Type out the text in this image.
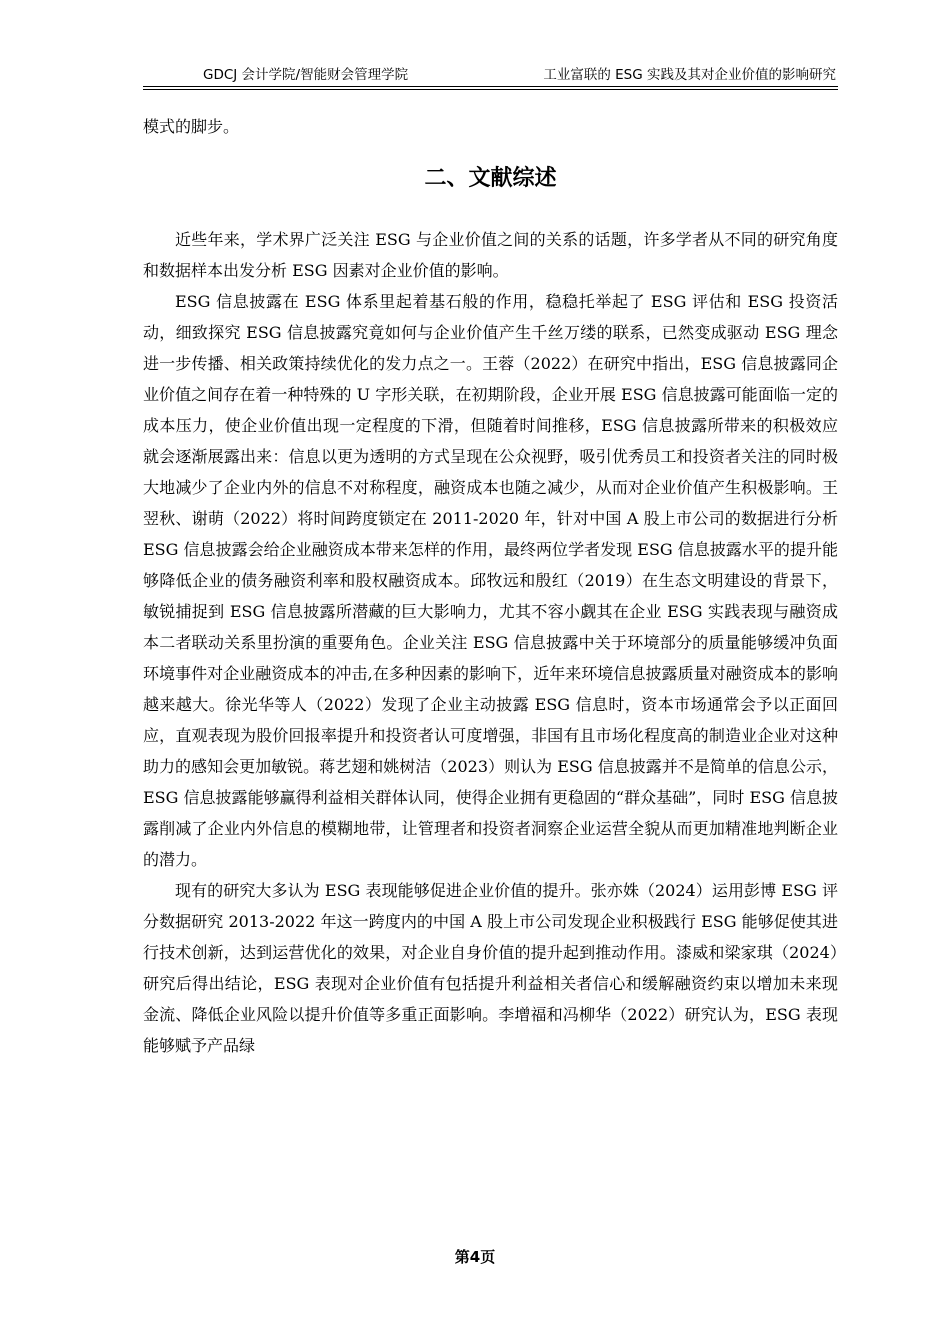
GDCJ 会计学院/智能财会管理学院	工业富联的 ESG 实践及其对企业价值的影响研究

模式的脚步。

二、文献综述

近些年来，学术界广泛关注 ESG 与企业价值之间的关系的话题，许多学者从不同的研究角度和数据样本出发分析 ESG 因素对企业价值的影响。

ESG 信息披露在 ESG 体系里起着基石般的作用，稳稳托举起了 ESG 评估和 ESG 投资活动，细致探究 ESG 信息披露究竟如何与企业价值产生千丝万缕的联系，已然变成驱动 ESG 理念进一步传播、相关政策持续优化的发力点之一。王蓉（2022）在研究中指出，ESG 信息披露同企业价值之间存在着一种特殊的 U 字形关联，在初期阶段，企业开展 ESG 信息披露可能面临一定的成本压力，使企业价值出现一定程度的下滑，但随着时间推移，ESG 信息披露所带来的积极效应就会逐渐展露出来：信息以更为透明的方式呈现在公众视野，吸引优秀员工和投资者关注的同时极大地减少了企业内外的信息不对称程度，融资成本也随之减少，从而对企业价值产生积极影响。王翌秋、谢萌（2022）将时间跨度锁定在 2011-2020 年，针对中国 A 股上市公司的数据进行分析 ESG 信息披露会给企业融资成本带来怎样的作用，最终两位学者发现 ESG 信息披露水平的提升能够降低企业的债务融资利率和股权融资成本。邱牧远和殷红（2019）在生态文明建设的背景下，敏锐捕捉到 ESG 信息披露所潜藏的巨大影响力，尤其不容小觑其在企业 ESG 实践表现与融资成本二者联动关系里扮演的重要角色。企业关注 ESG 信息披露中关于环境部分的质量能够缓冲负面环境事件对企业融资成本的冲击,在多种因素的影响下，近年来环境信息披露质量对融资成本的影响越来越大。徐光华等人（2022）发现了企业主动披露 ESG 信息时，资本市场通常会予以正面回应，直观表现为股价回报率提升和投资者认可度增强，非国有且市场化程度高的制造业企业对这种助力的感知会更加敏锐。蒋艺翅和姚树洁（2023）则认为 ESG 信息披露并不是简单的信息公示，ESG 信息披露能够赢得利益相关群体认同，使得企业拥有更稳固的“群众基础”，同时 ESG 信息披露削减了企业内外信息的模糊地带，让管理者和投资者洞察企业运营全貌从而更加精准地判断企业的潜力。

现有的研究大多认为 ESG 表现能够促进企业价值的提升。张亦姝（2024）运用彭博 ESG 评分数据研究 2013-2022 年这一跨度内的中国 A 股上市公司发现企业积极践行 ESG 能够促使其进行技术创新，达到运营优化的效果，对企业自身价值的提升起到推动作用。漆威和梁家琪（2024）研究后得出结论，ESG 表现对企业价值有包括提升利益相关者信心和缓解融资约束以增加未来现金流、降低企业风险以提升价值等多重正面影响。李增福和冯柳华（2022）研究认为，ESG 表现能够赋予产品绿

第4页
